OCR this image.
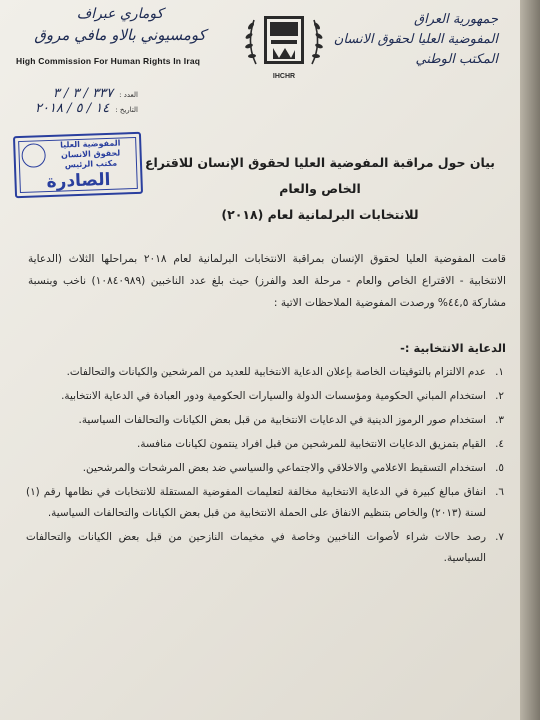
جمهورية العراق
المفوضية العليا لحقوق الانسان
المكتب الوطني
كوماري عبراف
كومسيوني بالاو مافي مروق
High Commission For Human Rights In Iraq
IHCHR
العدد :
٣٣٧ / ٣ / ٣
التاريخ :
١٤ / ٥ / ٢٠١٨
المفوضية العليا
لحقوق الانسان
مكتب الرئيس
الصادرة
بيان حول مراقبة المفوضية العليا لحقوق الإنسان للاقتراع الخاص والعام
للانتخابات البرلمانية لعام (٢٠١٨)

قامت المفوضية العليا لحقوق الإنسان بمراقبة الانتخابات البرلمانية لعام ٢٠١٨ بمراحلها الثلاث (الدعاية الانتخابية - الاقتراع الخاص والعام - مرحلة العد والفرز) حيث بلغ عدد الناخبين (١٠٨٤٠٩٨٩) ناخب وبنسبة مشاركة ٤٤,٥% ورصدت المفوضية الملاحظات الاتية :

الدعاية الانتخابية :-
١.
عدم الالتزام بالتوقيتات الخاصة بإعلان الدعاية الانتخابية للعديد من المرشحين والكيانات والتحالفات.
٢.
استخدام المباني الحكومية ومؤسسات الدولة والسيارات الحكومية ودور العبادة في الدعاية الانتخابية.
٣.
استخدام صور الرموز الدينية في الدعايات الانتخابية من قبل بعض الكيانات والتحالفات السياسية.
٤.
القيام بتمزيق الدعايات الانتخابية للمرشحين من قبل افراد ينتمون لكيانات منافسة.
٥.
استخدام التسقيط الاعلامي والاخلاقي والاجتماعي والسياسي ضد بعض المرشحات والمرشحين.
٦.
انفاق مبالغ كبيرة في الدعاية الانتخابية مخالفة لتعليمات المفوضية المستقلة للانتخابات في نظامها رقم (١) لسنة (٢٠١٣) والخاص بتنظيم الانفاق على الحملة الانتخابية من قبل بعض الكيانات والتحالفات السياسية.
٧.
رصد حالات شراء لأصوات الناخبين وخاصة في مخيمات النازحين من قبل بعض الكيانات والتحالفات السياسية.
